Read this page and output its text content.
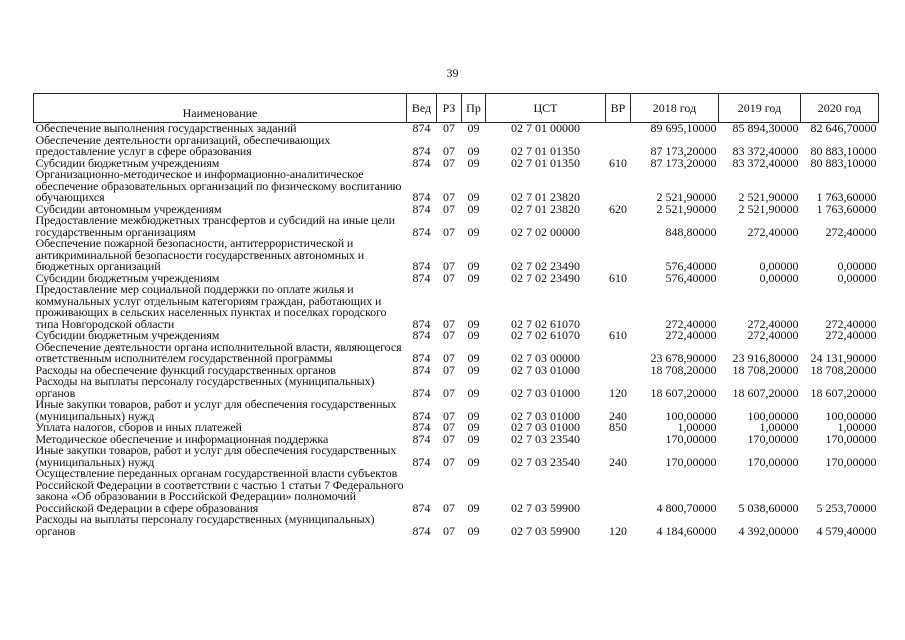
39
Наименование	Вед	РЗ	Пр	ЦСТ	ВР	2018 год	2019 год	2020 год
Обеспечение выполнения государственных заданий	874	07	09	02 7 01 00000		89 695,10000	85 894,30000	82 646,70000
Обеспечение деятельности организаций, обеспечивающих предоставление услуг в сфере образования	874	07	09	02 7 01 01350		87 173,20000	83 372,40000	80 883,10000
Субсидии бюджетным учреждениям	874	07	09	02 7 01 01350	610	87 173,20000	83 372,40000	80 883,10000
Организационно-методическое и информационно-аналитическое обеспечение образовательных организаций по физическому воспитанию обучающихся	874	07	09	02 7 01 23820		2 521,90000	2 521,90000	1 763,60000
Субсидии автономным учреждениям	874	07	09	02 7 01 23820	620	2 521,90000	2 521,90000	1 763,60000
Предоставление межбюджетных трансфертов и субсидий на иные цели государственным организациям	874	07	09	02 7 02 00000		848,80000	272,40000	272,40000
Обеспечение пожарной безопасности, антитеррористической и антикриминальной безопасности государственных автономных и бюджетных организаций	874	07	09	02 7 02 23490		576,40000	0,00000	0,00000
Субсидии бюджетным учреждениям	874	07	09	02 7 02 23490	610	576,40000	0,00000	0,00000
Предоставление мер социальной поддержки по оплате жилья и коммунальных услуг отдельным категориям граждан, работающих и проживающих в сельских населенных пунктах и поселках городского типа Новгородской области	874	07	09	02 7 02 61070		272,40000	272,40000	272,40000
Субсидии бюджетным учреждениям	874	07	09	02 7 02 61070	610	272,40000	272,40000	272,40000
Обеспечение деятельности органа исполнительной власти, являющегося ответственным исполнителем государственной программы	874	07	09	02 7 03 00000		23 678,90000	23 916,80000	24 131,90000
Расходы на обеспечение функций государственных органов	874	07	09	02 7 03 01000		18 708,20000	18 708,20000	18 708,20000
Расходы на выплаты персоналу государственных (муниципальных) органов	874	07	09	02 7 03 01000	120	18 607,20000	18 607,20000	18 607,20000
Иные закупки товаров, работ и услуг для обеспечения государственных (муниципальных) нужд	874	07	09	02 7 03 01000	240	100,00000	100,00000	100,00000
Уплата налогов, сборов и иных платежей	874	07	09	02 7 03 01000	850	1,00000	1,00000	1,00000
Методическое обеспечение и информационная поддержка	874	07	09	02 7 03 23540		170,00000	170,00000	170,00000
Иные закупки товаров, работ и услуг для обеспечения государственных (муниципальных) нужд	874	07	09	02 7 03 23540	240	170,00000	170,00000	170,00000
Осуществление переданных органам государственной власти субъектов Российской Федерации в соответствии с частью 1 статьи 7 Федерального закона «Об образовании в Российской Федерации» полномочий Российской Федерации в сфере образования	874	07	09	02 7 03 59900		4 800,70000	5 038,60000	5 253,70000
Расходы на выплаты персоналу государственных (муниципальных) органов	874	07	09	02 7 03 59900	120	4 184,60000	4 392,00000	4 579,40000
